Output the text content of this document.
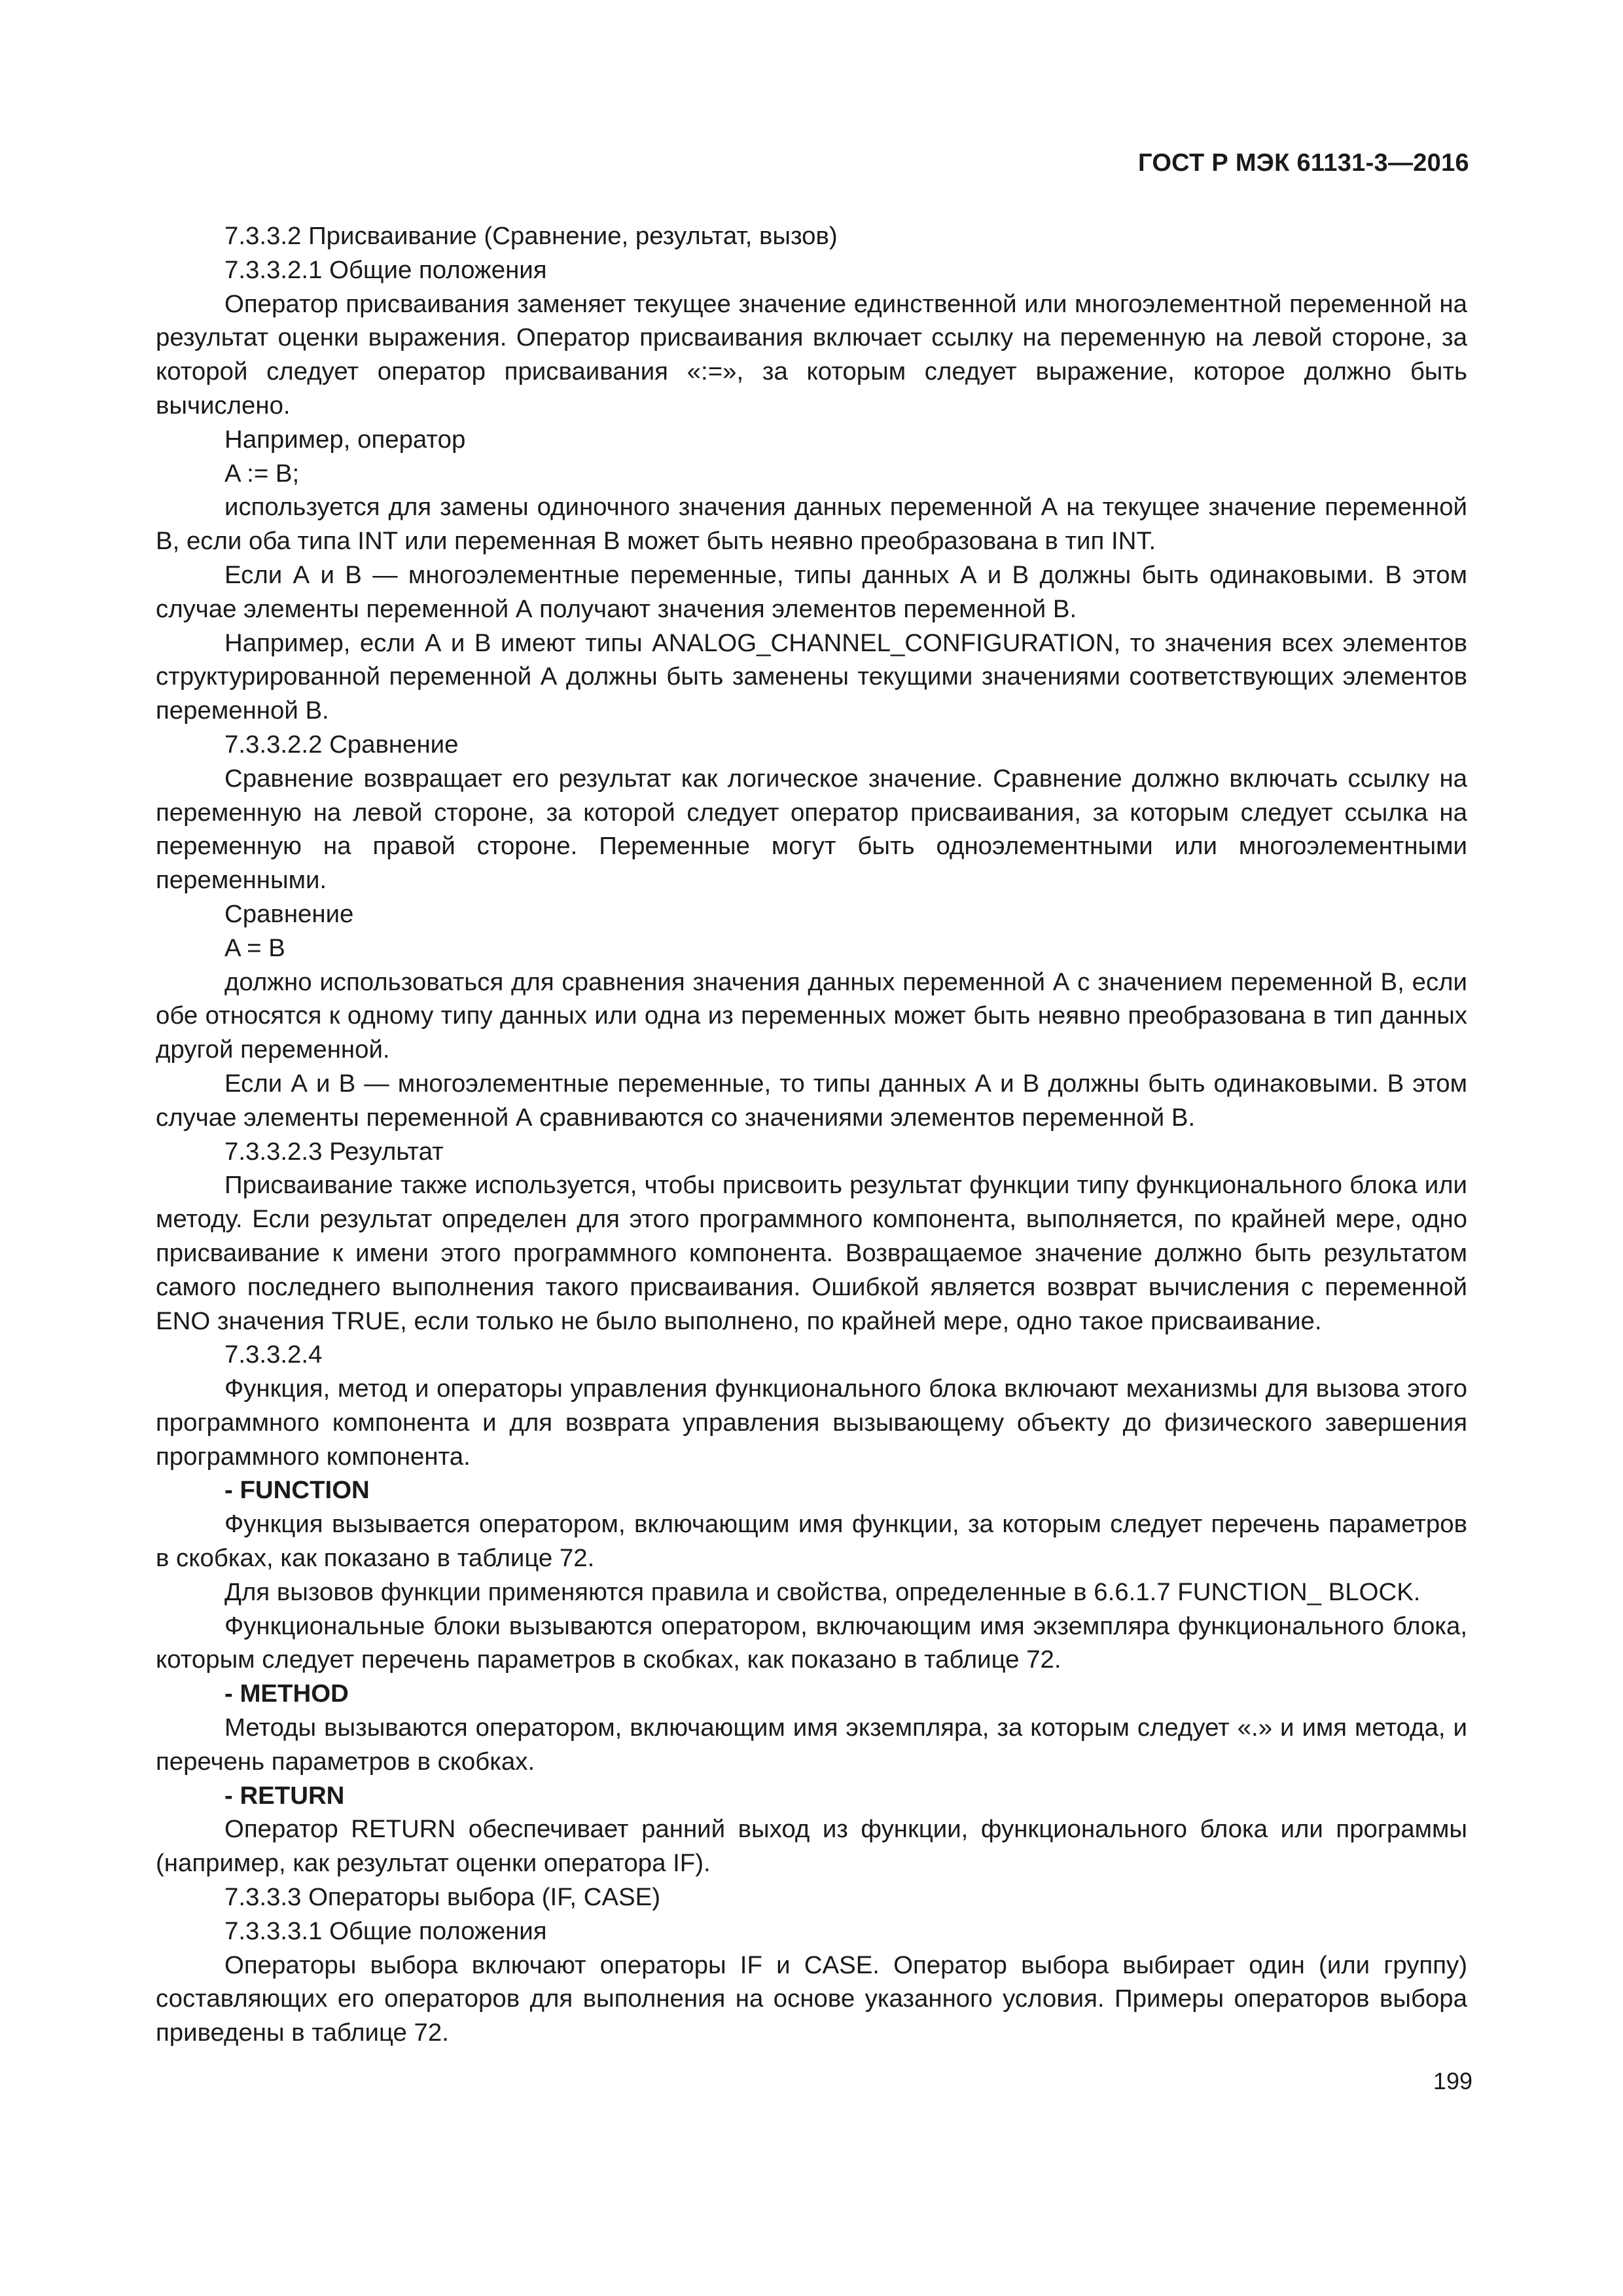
ГОСТ Р МЭК 61131-3—2016

7.3.3.2 Присваивание (Сравнение, результат, вызов)

7.3.3.2.1 Общие положения

Оператор присваивания заменяет текущее значение единственной или многоэлементной переменной на результат оценки выражения. Оператор присваивания включает ссылку на переменную на левой стороне, за которой следует оператор присваивания «:=», за которым следует выражение, которое должно быть вычислено.

Например, оператор

A := B;

используется для замены одиночного значения данных переменной А на текущее значение переменной В, если оба типа INT или переменная В может быть неявно преобразована в тип INT.

Если А и В — многоэлементные переменные, типы данных А и В должны быть одинаковыми. В этом случае элементы переменной А получают значения элементов переменной В.

Например, если А и В имеют типы ANALOG_CHANNEL_CONFIGURATION, то значения всех элементов структурированной переменной А должны быть заменены текущими значениями соответствующих элементов переменной В.

7.3.3.2.2 Сравнение

Сравнение возвращает его результат как логическое значение. Сравнение должно включать ссылку на переменную на левой стороне, за которой следует оператор присваивания, за которым следует ссылка на переменную на правой стороне. Переменные могут быть одноэлементными или многоэлементными переменными.

Сравнение

A = B

должно использоваться для сравнения значения данных переменной А с значением переменной В, если обе относятся к одному типу данных или одна из переменных может быть неявно преобразована в тип данных другой переменной.

Если А и В — многоэлементные переменные, то типы данных А и В должны быть одинаковыми. В этом случае элементы переменной А сравниваются со значениями элементов переменной В.

7.3.3.2.3 Результат

Присваивание также используется, чтобы присвоить результат функции типу функционального блока или методу. Если результат определен для этого программного компонента, выполняется, по крайней мере, одно присваивание к имени этого программного компонента. Возвращаемое значение должно быть результатом самого последнего выполнения такого присваивания. Ошибкой является возврат вычисления с переменной ENO значения TRUE, если только не было выполнено, по крайней мере, одно такое присваивание.

7.3.3.2.4

Функция, метод и операторы управления функционального блока включают механизмы для вызова этого программного компонента и для возврата управления вызывающему объекту до физического завершения программного компонента.

- FUNCTION

Функция вызывается оператором, включающим имя функции, за которым следует перечень параметров в скобках, как показано в таблице 72.

Для вызовов функции применяются правила и свойства, определенные в 6.6.1.7 FUNCTION_ BLOCK.

Функциональные блоки вызываются оператором, включающим имя экземпляра функционального блока, которым следует перечень параметров в скобках, как показано в таблице 72.

- METHOD

Методы вызываются оператором, включающим имя экземпляра, за которым следует «.» и имя метода, и перечень параметров в скобках.

- RETURN

Оператор RETURN обеспечивает ранний выход из функции, функционального блока или программы (например, как результат оценки оператора IF).

7.3.3.3 Операторы выбора (IF, CASE)

7.3.3.3.1 Общие положения

Операторы выбора включают операторы IF и CASE. Оператор выбора выбирает один (или группу) составляющих его операторов для выполнения на основе указанного условия. Примеры операторов выбора приведены в таблице 72.

199
